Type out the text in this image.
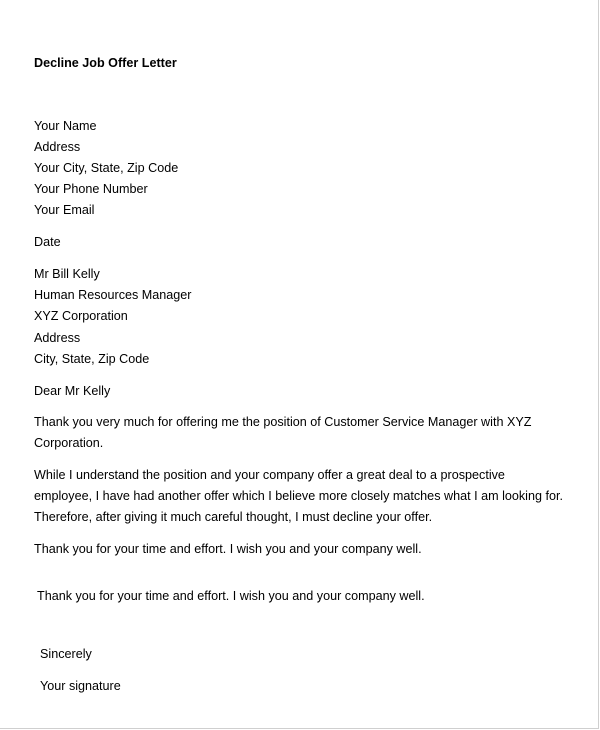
Decline Job Offer Letter
Your Name
Address
Your City, State, Zip Code
Your Phone Number
Your Email
Date
Mr Bill Kelly
Human Resources Manager
XYZ Corporation
Address
City, State, Zip Code
Dear Mr Kelly
Thank you very much for offering me the position of Customer Service Manager with XYZ Corporation.
While I understand the position and your company offer a great deal to a prospective employee, I have had another offer which I believe more closely matches what I am looking for. Therefore, after giving it much careful thought, I must decline your offer.
Thank you for your time and effort. I wish you and your company well.
Thank you for your time and effort. I wish you and your company well.
Sincerely
Your signature
